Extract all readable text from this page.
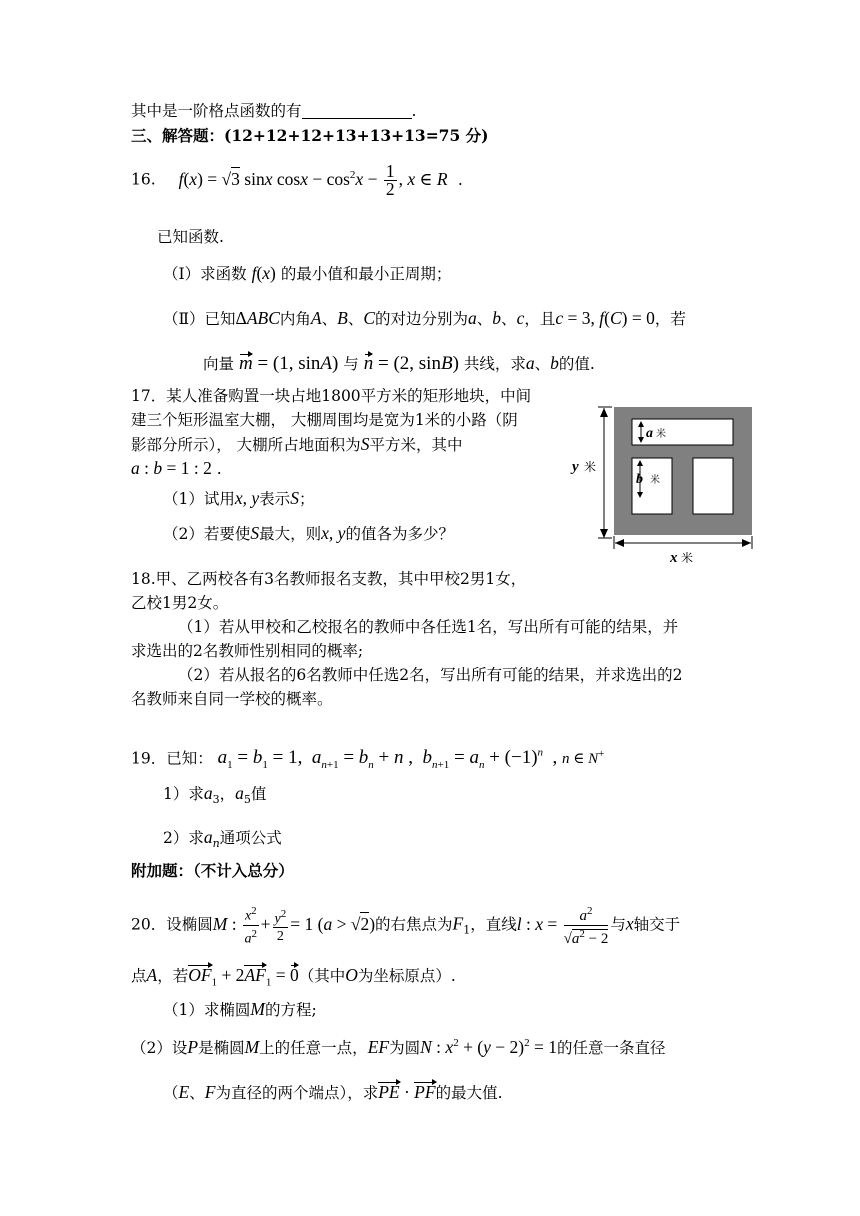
其中是一阶格点函数的有	.
三、解答题：(12+12+12+13+13+13=75 分)
16. f(x) = √3 sinx $\cos x - \cos^2x - \frac{1}{2}$ , x ∈ R .
已知函数.
（Ⅰ）求函数 f(x) 的最小值和最小正周期；
（Ⅱ）已知ΔABC内角A、B、C的对边分别为a、b、c，且c = 3, f(C) = 0，若
向量 m = (1, sinA) 与 n = (2, sinB) 共线，求a、b的值.
17．某人准备购置一块占地1800平方米的矩形地块，中间
建三个矩形温室大棚， 大棚周围均是宽为1米的小路（阴
影部分所示）， 大棚所占地面积为S平方米，其中
a : b = 1 : 2 .
（1）试用x, y表示S；
（2）若要使S最大，则x, y的值各为多少？
y 米
a 米
b 米
x 米
18.甲、乙两校各有3名教师报名支教，其中甲校2男1女，
乙校1男2女。
（1）若从甲校和乙校报名的教师中各任选1名，写出所有可能的结果，并
求选出的2名教师性别相同的概率;
（2）若从报名的6名教师中任选2名，写出所有可能的结果，并求选出的2
名教师来自同一学校的概率。
19．已知： $a_1 = b_1 = 1$,  $a_{n+1} = b_n + n$ ,  $b_{n+1} = a_n + (-1)^n$  , n ∈ N+
1）求$a_3$，$a_5$值
2）求$a_n$通项公式
附加题：（不计入总分）
20．设椭圆M : $\frac{x^2}{a^2} + \frac{y^2}{2} = 1$ (a > √2)的右焦点为$F_1$，直线l : $x = \frac{a^2}{√a^2 - 2}$ 与x轴交于
点A，若$OF_1 + 2AF_1 = 0$（其中O为坐标原点）.
（1）求椭圆M的方程;
（2）设P是椭圆M上的任意一点，EF为圆N : $x^2 + (y - 2)^2 = 1$的任意一条直径
（E、F为直径的两个端点），求PE · PF的最大值.
